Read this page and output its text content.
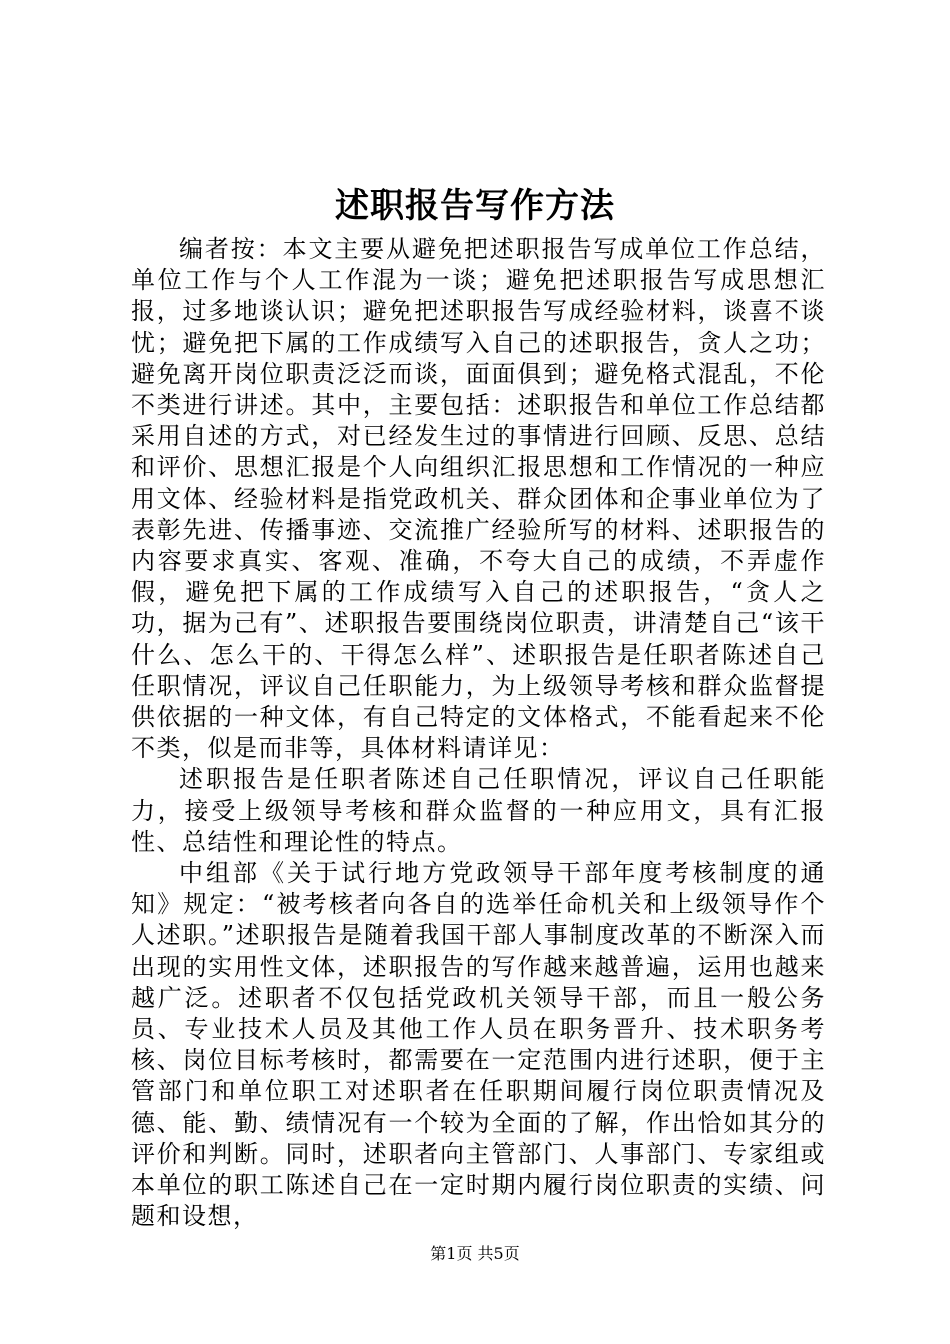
述职报告写作方法

编者按：本文主要从避免把述职报告写成单位工作总结，单位工作与个人工作混为一谈；避免把述职报告写成思想汇报，过多地谈认识；避免把述职报告写成经验材料，谈喜不谈忧；避免把下属的工作成绩写入自己的述职报告，贪人之功；避免离开岗位职责泛泛而谈，面面俱到；避免格式混乱，不伦不类进行讲述。其中，主要包括：述职报告和单位工作总结都采用自述的方式，对已经发生过的事情进行回顾、反思、总结和评价、思想汇报是个人向组织汇报思想和工作情况的一种应用文体、经验材料是指党政机关、群众团体和企事业单位为了表彰先进、传播事迹、交流推广经验所写的材料、述职报告的内容要求真实、客观、准确，不夸大自己的成绩，不弄虚作假，避免把下属的工作成绩写入自己的述职报告，“贪人之功，据为己有”、述职报告要围绕岗位职责，讲清楚自己“该干什么、怎么干的、干得怎么样”、述职报告是任职者陈述自己任职情况，评议自己任职能力，为上级领导考核和群众监督提供依据的一种文体，有自己特定的文体格式，不能看起来不伦不类，似是而非等，具体材料请详见：

述职报告是任职者陈述自己任职情况，评议自己任职能力，接受上级领导考核和群众监督的一种应用文，具有汇报性、总结性和理论性的特点。

中组部《关于试行地方党政领导干部年度考核制度的通知》规定：“被考核者向各自的选举任命机关和上级领导作个人述职。”述职报告是随着我国干部人事制度改革的不断深入而出现的实用性文体，述职报告的写作越来越普遍，运用也越来越广泛。述职者不仅包括党政机关领导干部，而且一般公务员、专业技术人员及其他工作人员在职务晋升、技术职务考核、岗位目标考核时，都需要在一定范围内进行述职，便于主管部门和单位职工对述职者在任职期间履行岗位职责情况及德、能、勤、绩情况有一个较为全面的了解，作出恰如其分的评价和判断。同时，述职者向主管部门、人事部门、专家组或本单位的职工陈述自己在一定时期内履行岗位职责的实绩、问题和设想，

第1页 共5页
